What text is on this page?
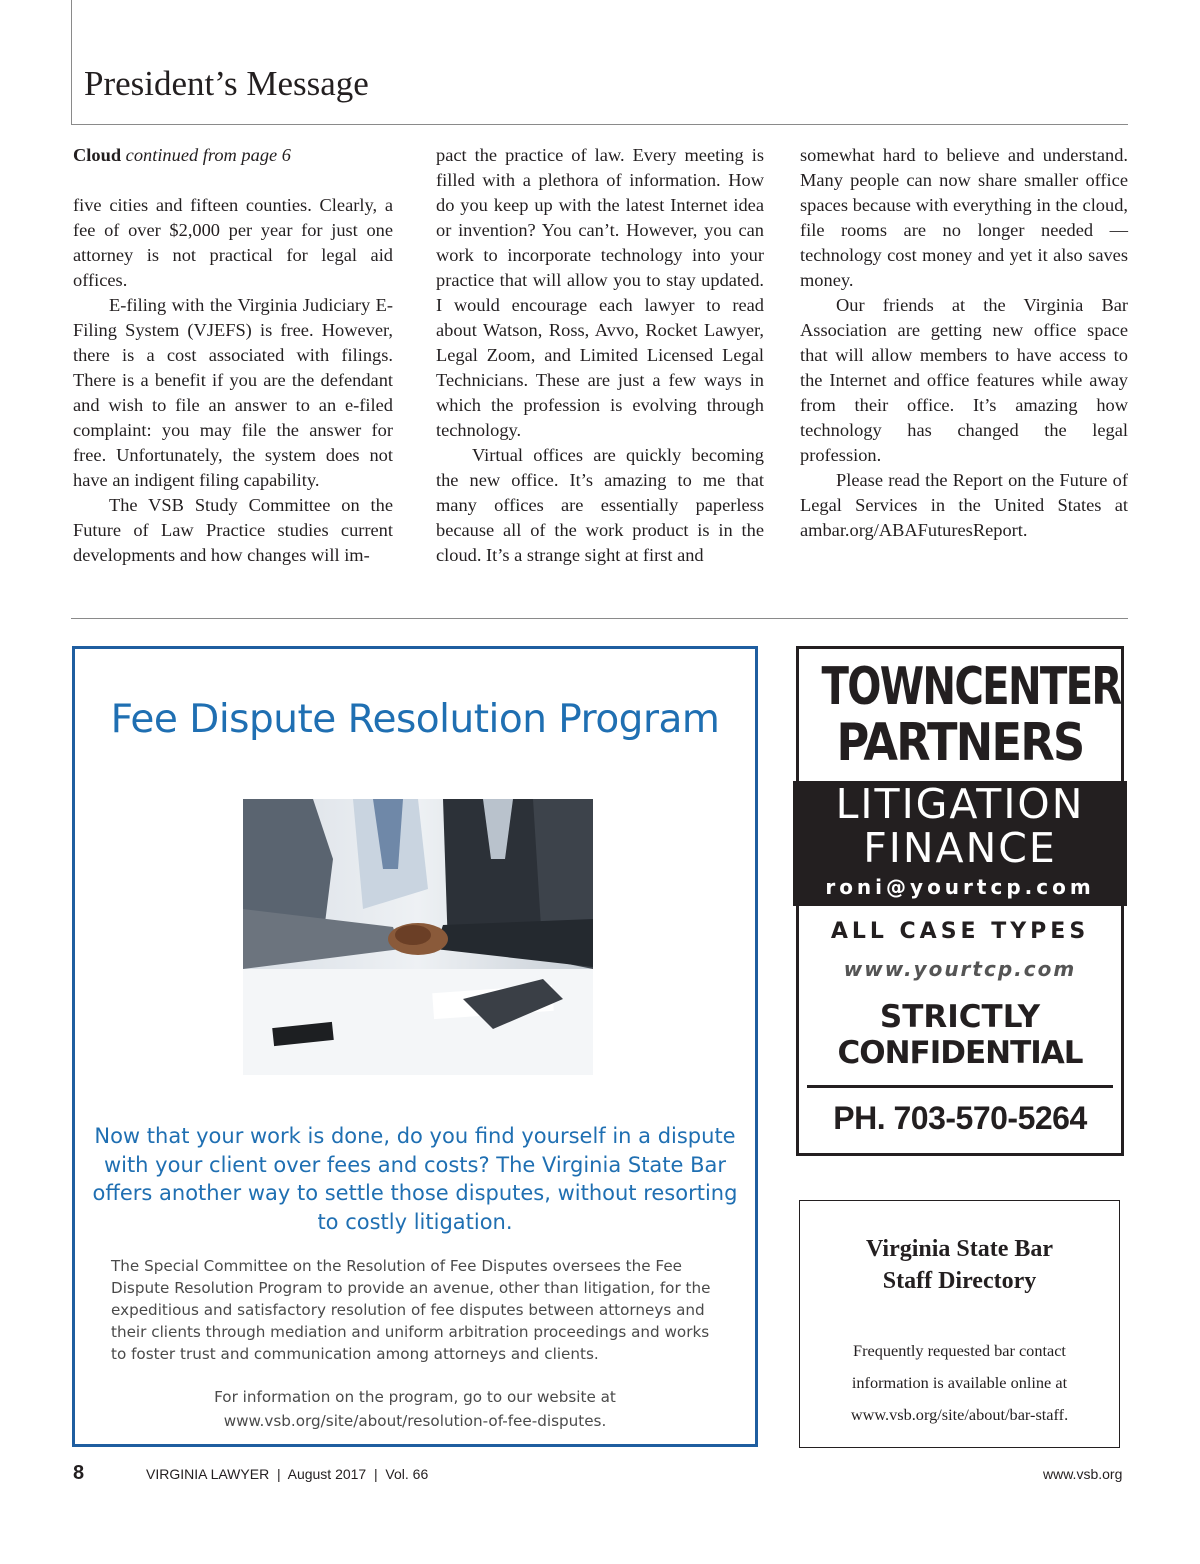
President’s Message

Cloud continued from page 6

five cities and fifteen counties. Clearly, a fee of over $2,000 per year for just one attorney is not practical for legal aid offices.

E-filing with the Virginia Judiciary E-Filing System (VJEFS) is free. However, there is a cost associated with filings. There is a benefit if you are the defendant and wish to file an answer to an e-filed complaint: you may file the answer for free. Unfortunately, the system does not have an indigent filing capability.

The VSB Study Committee on the Future of Law Practice studies current developments and how changes will im-

pact the practice of law. Every meeting is filled with a plethora of information. How do you keep up with the latest Internet idea or invention? You can’t. However, you can work to incorporate technology into your practice that will allow you to stay updated. I would encourage each lawyer to read about Watson, Ross, Avvo, Rocket Lawyer, Legal Zoom, and Limited Licensed Legal Technicians. These are just a few ways in which the profession is evolving through technology.

Virtual offices are quickly becoming the new office. It’s amazing to me that many offices are essentially paperless because all of the work product is in the cloud. It’s a strange sight at first and

somewhat hard to believe and understand. Many people can now share smaller office spaces because with everything in the cloud, file rooms are no longer needed — technology cost money and yet it also saves money.

Our friends at the Virginia Bar Association are getting new office space that will allow members to have access to the Internet and office features while away from their office. It’s amazing how technology has changed the legal profession.

Please read the Report on the Future of Legal Services in the United States at ambar.org/ABAFuturesReport.

Fee Dispute Resolution Program
Now that your work is done, do you find yourself in a dispute with your client over fees and costs? The Virginia State Bar offers another way to settle those disputes, without resorting to costly litigation.
The Special Committee on the Resolution of Fee Disputes oversees the Fee Dispute Resolution Program to provide an avenue, other than litigation, for the expeditious and satisfactory resolution of fee disputes between attorneys and their clients through mediation and uniform arbitration proceedings and works to foster trust and communication among attorneys and clients.
For information on the program, go to our website at
www.vsb.org/site/about/resolution-of-fee-disputes.
TOWNCENTER
PARTNERS
LITIGATION
FINANCE
roni@yourtcp.com
ALL CASE TYPES
www.yourtcp.com
STRICTLY
CONFIDENTIAL
PH. 703-570-5264
Virginia State Bar
Staff Directory
Frequently requested bar contact
information is available online at
www.vsb.org/site/about/bar-staff.
8	VIRGINIA LAWYER  |  August 2017  |  Vol. 66	www.vsb.org
